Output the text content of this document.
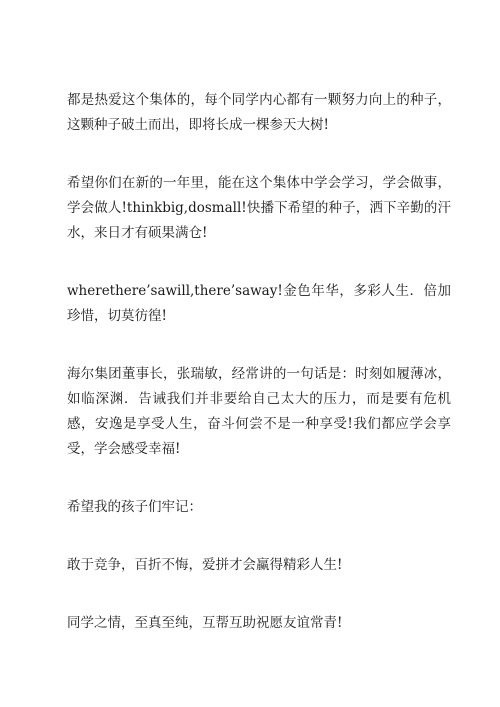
都是热爱这个集体的，每个同学内心都有一颗努力向上的种子，这颗种子破土而出，即将长成一棵参天大树!

希望你们在新的一年里，能在这个集体中学会学习，学会做事，学会做人!thinkbig,dosmall!快播下希望的种子，洒下辛勤的汗水，来日才有硕果满仓!

wherethere’sawill,there’saway!金色年华，多彩人生．倍加珍惜，切莫彷徨!

海尔集团董事长，张瑞敏，经常讲的一句话是：时刻如履薄冰，如临深渊．告诫我们并非要给自己太大的压力，而是要有危机感，安逸是享受人生，奋斗何尝不是一种享受!我们都应学会享受，学会感受幸福!

希望我的孩子们牢记：

敢于竞争，百折不悔，爱拼才会赢得精彩人生!

同学之情，至真至纯，互帮互助祝愿友谊常青!
